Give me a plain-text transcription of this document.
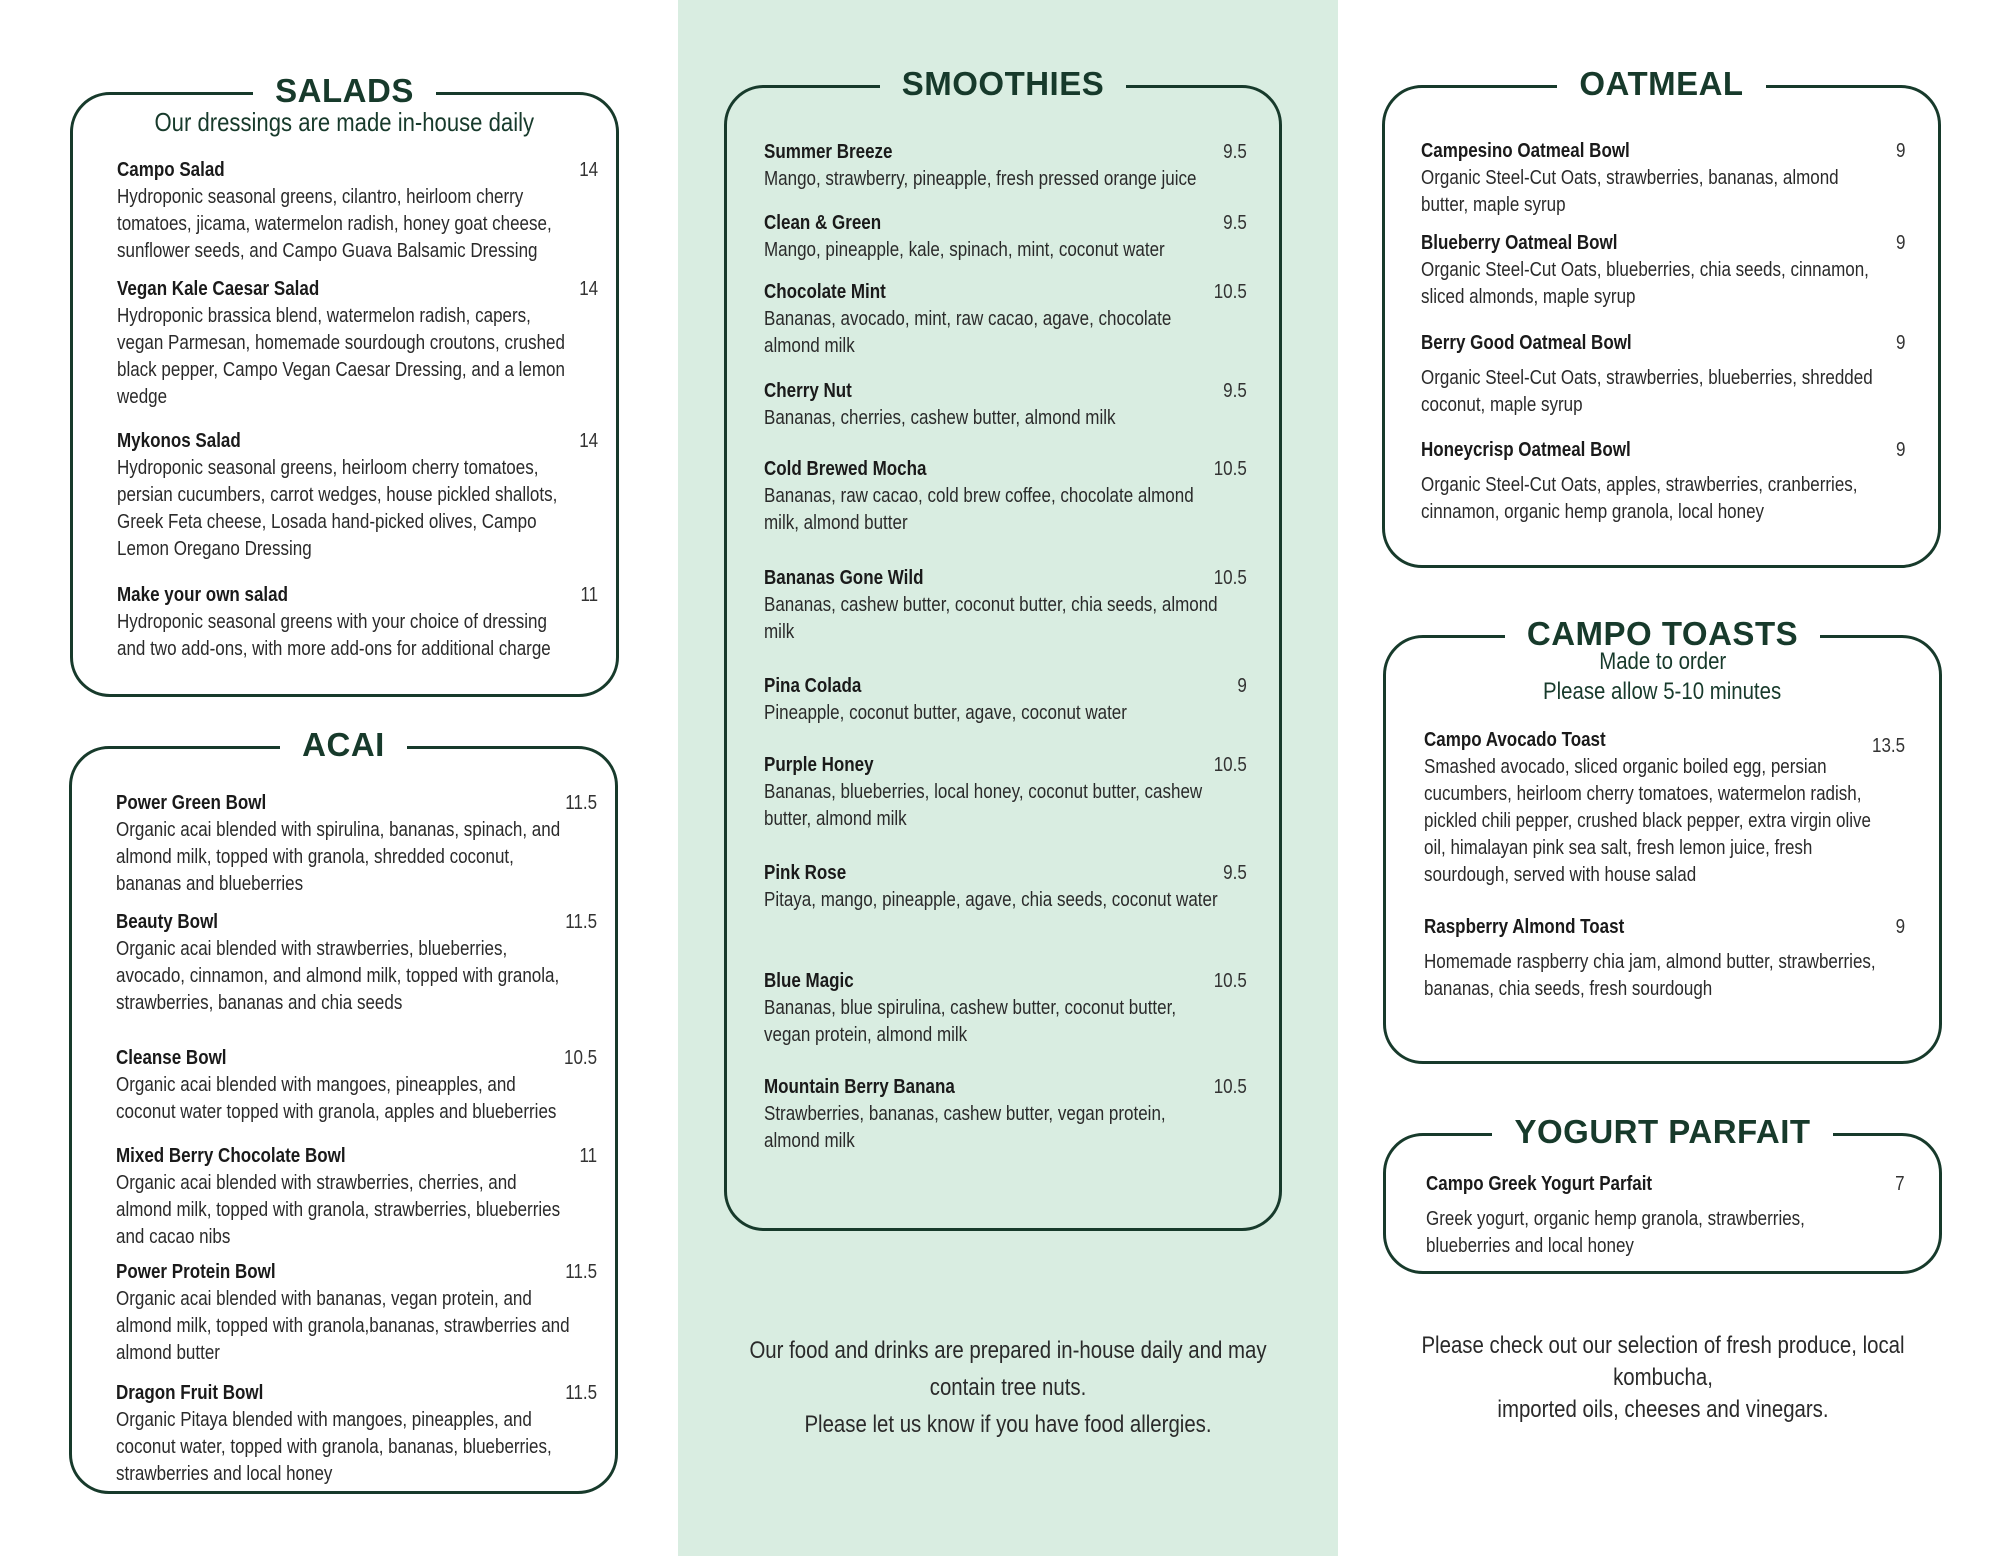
SALADS
Our dressings are made in-house daily
Campo Salad	14
Hydroponic seasonal greens, cilantro, heirloom cherry tomatoes, jicama, watermelon radish, honey goat cheese, sunflower seeds, and Campo Guava Balsamic Dressing
Vegan Kale Caesar Salad	14
Hydroponic brassica blend, watermelon radish, capers, vegan Parmesan, homemade sourdough croutons, crushed black pepper, Campo Vegan Caesar Dressing, and a lemon wedge
Mykonos Salad	14
Hydroponic seasonal greens, heirloom cherry tomatoes, persian cucumbers, carrot wedges, house pickled shallots, Greek Feta cheese, Losada hand-picked olives, Campo Lemon Oregano Dressing
Make your own salad	11
Hydroponic seasonal greens with your choice of dressing and two add-ons, with more add-ons for additional charge
ACAI
Power Green Bowl	11.5
Organic acai blended with spirulina, bananas, spinach, and almond milk, topped with granola, shredded coconut, bananas and blueberries
Beauty Bowl	11.5
Organic acai blended with strawberries, blueberries, avocado, cinnamon, and almond milk, topped with granola, strawberries, bananas and chia seeds
Cleanse Bowl	10.5
Organic acai blended with mangoes, pineapples, and coconut water topped with granola, apples and blueberries
Mixed Berry Chocolate Bowl	11
Organic acai blended with strawberries, cherries, and almond milk, topped with granola, strawberries, blueberries and cacao nibs
Power Protein Bowl	11.5
Organic acai blended with bananas, vegan protein, and almond milk, topped with granola,bananas, strawberries and almond butter
Dragon Fruit Bowl	11.5
Organic Pitaya blended with mangoes, pineapples, and coconut water, topped with granola, bananas, blueberries, strawberries and local honey
SMOOTHIES
Summer Breeze	9.5
Mango, strawberry, pineapple, fresh pressed orange juice
Clean & Green	9.5
Mango, pineapple, kale, spinach, mint, coconut water
Chocolate Mint	10.5
Bananas, avocado, mint, raw cacao, agave, chocolate almond milk
Cherry Nut	9.5
Bananas, cherries, cashew butter, almond milk
Cold Brewed Mocha	10.5
Bananas, raw cacao, cold brew coffee, chocolate almond milk, almond butter
Bananas Gone Wild	10.5
Bananas, cashew butter, coconut butter, chia seeds, almond milk
Pina Colada	9
Pineapple, coconut butter, agave, coconut water
Purple Honey	10.5
Bananas, blueberries, local honey, coconut butter, cashew butter, almond milk
Pink Rose	9.5
Pitaya, mango, pineapple, agave, chia seeds, coconut water
Blue Magic	10.5
Bananas, blue spirulina, cashew butter, coconut butter, vegan protein, almond milk
Mountain Berry Banana	10.5
Strawberries, bananas, cashew butter, vegan protein, almond milk
Our food and drinks are prepared in-house daily and may contain tree nuts.
Please let us know if you have food allergies.
OATMEAL
Campesino Oatmeal Bowl	9
Organic Steel-Cut Oats, strawberries, bananas, almond butter, maple syrup
Blueberry Oatmeal Bowl	9
Organic Steel-Cut Oats, blueberries, chia seeds, cinnamon, sliced almonds, maple syrup
Berry Good Oatmeal Bowl	9
Organic Steel-Cut Oats, strawberries, blueberries, shredded coconut, maple syrup
Honeycrisp Oatmeal Bowl	9
Organic Steel-Cut Oats, apples, strawberries, cranberries, cinnamon, organic hemp granola, local honey
CAMPO TOASTS
Made to order
Please allow 5-10 minutes
Campo Avocado Toast	13.5
Smashed avocado, sliced organic boiled egg, persian cucumbers, heirloom cherry tomatoes, watermelon radish, pickled chili pepper, crushed black pepper, extra virgin olive oil, himalayan pink sea salt, fresh lemon juice, fresh sourdough, served with house salad
Raspberry Almond Toast	9
Homemade raspberry chia jam, almond butter, strawberries, bananas, chia seeds, fresh sourdough
YOGURT PARFAIT
Campo Greek Yogurt Parfait	7
Greek yogurt, organic hemp granola, strawberries, blueberries and local honey
Please check out our selection of fresh produce, local kombucha,
imported oils, cheeses and vinegars.
